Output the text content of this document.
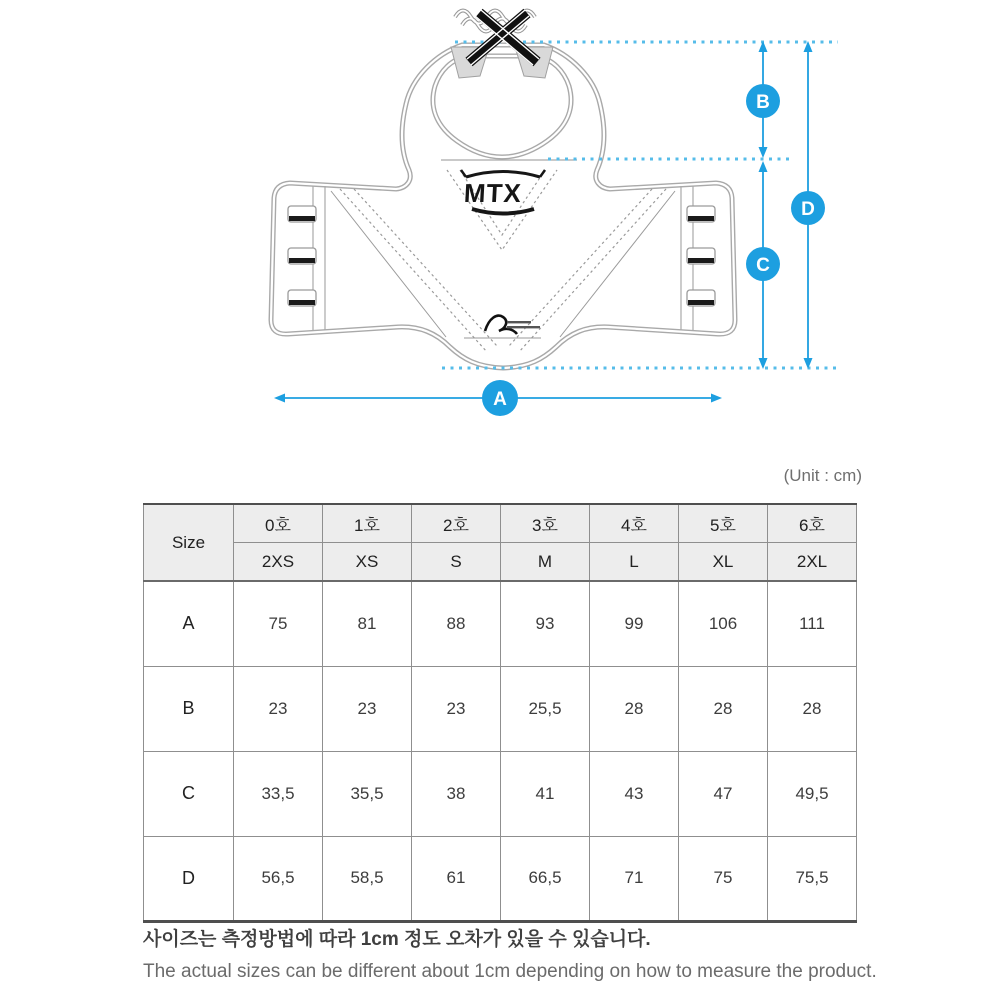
MTX
B
D
C
A
(Unit : cm)
Size	0호	1호	2호	3호	4호	5호	6호
	2XS	XS	S	M	L	XL	2XL
A	75	81	88	93	99	106	111
B	23	23	23	25,5	28	28	28
C	33,5	35,5	38	41	43	47	49,5
D	56,5	58,5	61	66,5	71	75	75,5
사이즈는 측정방법에 따라 1cm 정도 오차가 있을 수 있습니다.
The actual sizes can be different about 1cm depending on how to measure the product.
